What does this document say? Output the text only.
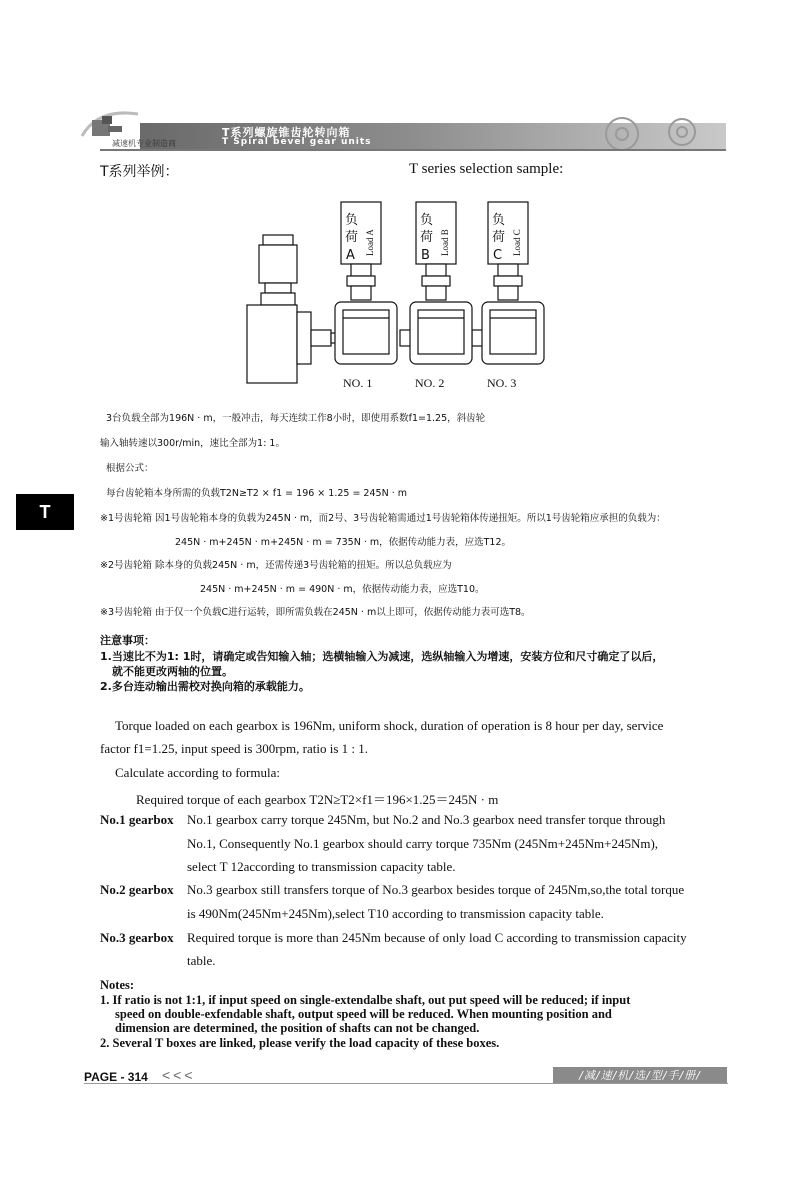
减速机专业制造商
T系列螺旋锥齿轮转向箱
T Spiral bevel gear units
T系列举例：	T series selection sample:
负
荷
A
负
荷
B
负
荷
C
Load A	Load B	Load C
NO. 1	NO. 2	NO. 3
3台负载全部为196N · m，一般冲击，每天连续工作8小时，即使用系数f1=1.25，斜齿轮
输入轴转速以300r/min，速比全部为1: 1。
根据公式：
每台齿轮箱本身所需的负载T2N≥T2 × f1 = 196 × 1.25 = 245N · m
※1号齿轮箱 因1号齿轮箱本身的负载为245N · m，而2号、3号齿轮箱需通过1号齿轮箱体传递扭矩。所以1号齿轮箱应承担的负载为：
245N · m+245N · m+245N · m = 735N · m，依据传动能力表，应选T12。
※2号齿轮箱 除本身的负载245N · m，还需传递3号齿轮箱的扭矩。所以总负载应为
245N · m+245N · m = 490N · m，依据传动能力表，应选T10。
※3号齿轮箱 由于仅一个负载C进行运转，即所需负载在245N · m以上即可，依据传动能力表可选T8。
注意事项：
1.当速比不为1: 1时，请确定或告知输入轴；选横轴输入为减速，选纵轴输入为增速，安装方位和尺寸确定了以后，
就不能更改两轴的位置。
2.多台连动输出需校对换向箱的承载能力。
Torque loaded on each gearbox is 196Nm, uniform shock, duration of operation is 8 hour per day, service
factor f1=1.25, input speed is 300rpm, ratio is 1 : 1.
Calculate according to formula:
Required torque of each gearbox T2N≥T2×f1＝196×1.25＝245N · m
No.1 gearbox No.1 gearbox carry torque 245Nm, but No.2 and No.3 gearbox need transfer torque through
No.1, Consequently No.1 gearbox should carry torque 735Nm (245Nm+245Nm+245Nm),
select T 12according to transmission capacity table.
No.2 gearbox No.3 gearbox still transfers torque of No.3 gearbox besides torque of 245Nm,so,the total torque
is 490Nm(245Nm+245Nm),select T10 according to transmission capacity table.
No.3 gearbox Required torque is more than 245Nm because of only load C according to transmission capacity
table.
Notes:
1. If ratio is not 1:1, if input speed on single-extendalbe shaft, out put speed will be reduced; if input
speed on double-exfendable shaft, output speed will be reduced. When mounting position and
dimension are determined, the position of shafts can not be changed.
2. Several T boxes are linked, please verify the load capacity of these boxes.
T
PAGE - 314 <<<	/减/速/机/选/型/手/册/
